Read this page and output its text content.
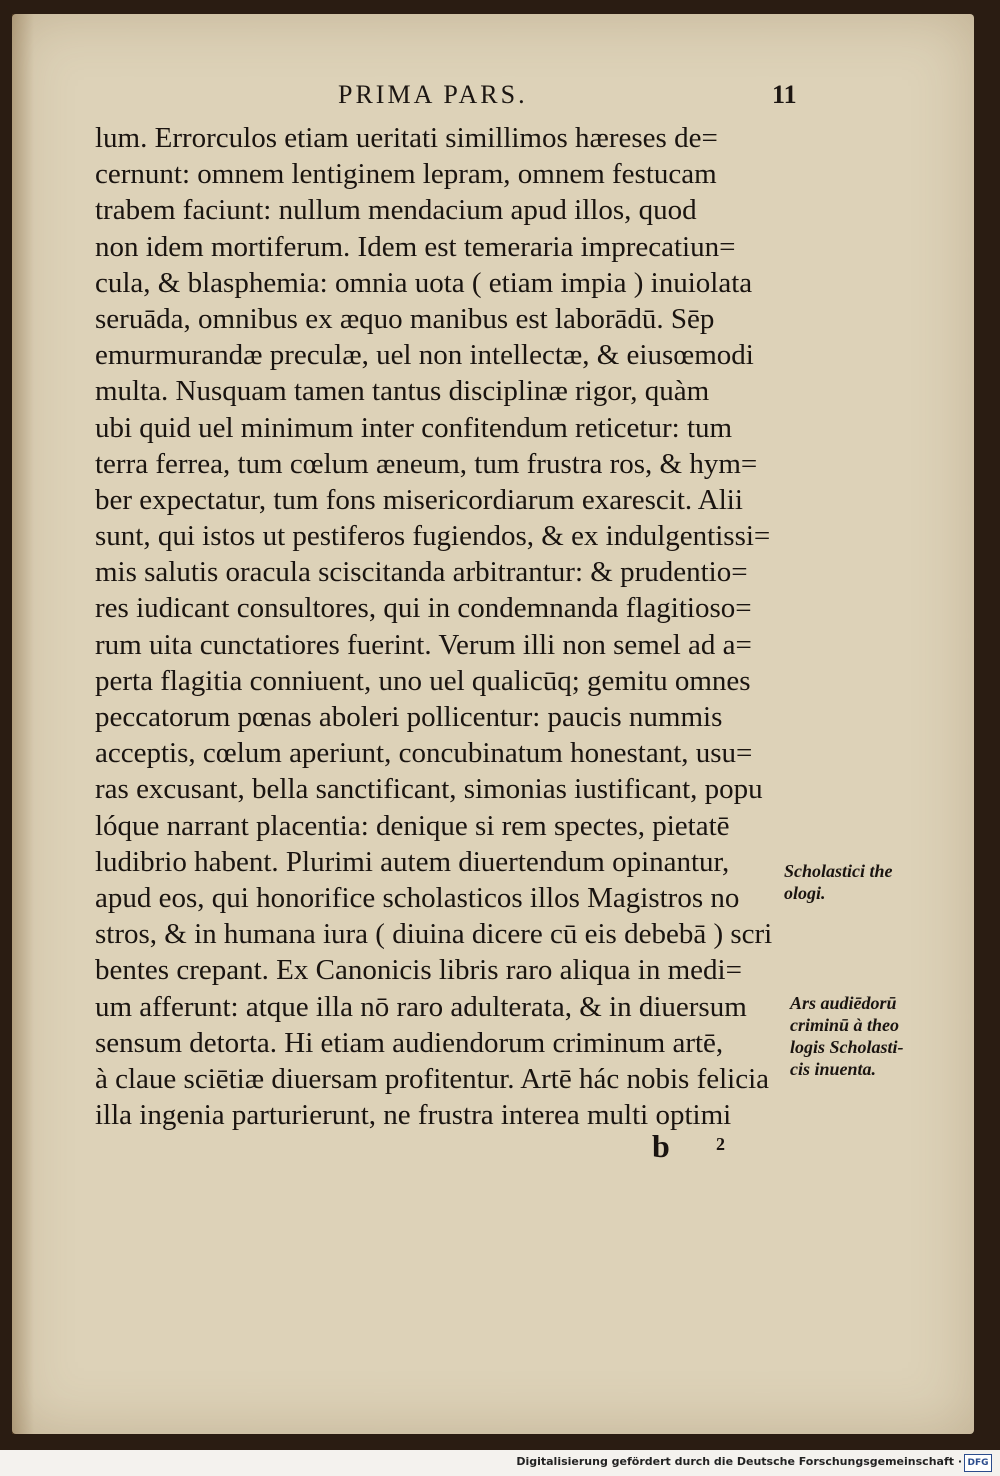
PRIMA PARS.	11
lum. Errorculos etiam ueritati simillimos hæreses de=
cernunt: omnem lentiginem lepram, omnem festucam
trabem faciunt: nullum mendacium apud illos, quod
non idem mortiferum. Idem est temeraria imprecatiun=
cula, & blasphemia: omnia uota ( etiam impia ) inuiolata
seruāda, omnibus ex æquo manibus est laborādū. Sēp
emurmurandæ preculæ, uel non intellectæ, & eiusœmodi
multa. Nusquam tamen tantus disciplinæ rigor, quàm
ubi quid uel minimum inter confitendum reticetur: tum
terra ferrea, tum cœlum æneum, tum frustra ros, & hym=
ber expectatur, tum fons misericordiarum exarescit. Alii
sunt, qui istos ut pestiferos fugiendos, & ex indulgentissi=
mis salutis oracula sciscitanda arbitrantur: & prudentio=
res iudicant consultores, qui in condemnanda flagitioso=
rum uita cunctatiores fuerint. Verum illi non semel ad a=
perta flagitia conniuent, uno uel qualicūq; gemitu omnes
peccatorum pœnas aboleri pollicentur: paucis nummis
acceptis, cœlum aperiunt, concubinatum honestant, usu=
ras excusant, bella sanctificant, simonias iustificant, popu
lóque narrant placentia: denique si rem spectes, pietatē
ludibrio habent. Plurimi autem diuertendum opinantur,
apud eos, qui honorifice scholasticos illos Magistros no
stros, & in humana iura ( diuina dicere cū eis debebā ) scri
bentes crepant. Ex Canonicis libris raro aliqua in medi=
um afferunt: atque illa nō raro adulterata, & in diuersum
sensum detorta. Hi etiam audiendorum criminum artē,
à claue sciētiæ diuersam profitentur. Artē hác nobis felicia
illa ingenia parturierunt, ne frustra interea multi optimi
Scholastici the
ologi.
Ars audiēdorū
criminū à theo
logis Scholasti-
cis inuenta.
b	2
Digitalisierung gefördert durch die Deutsche Forschungsgemeinschaft · DFG
